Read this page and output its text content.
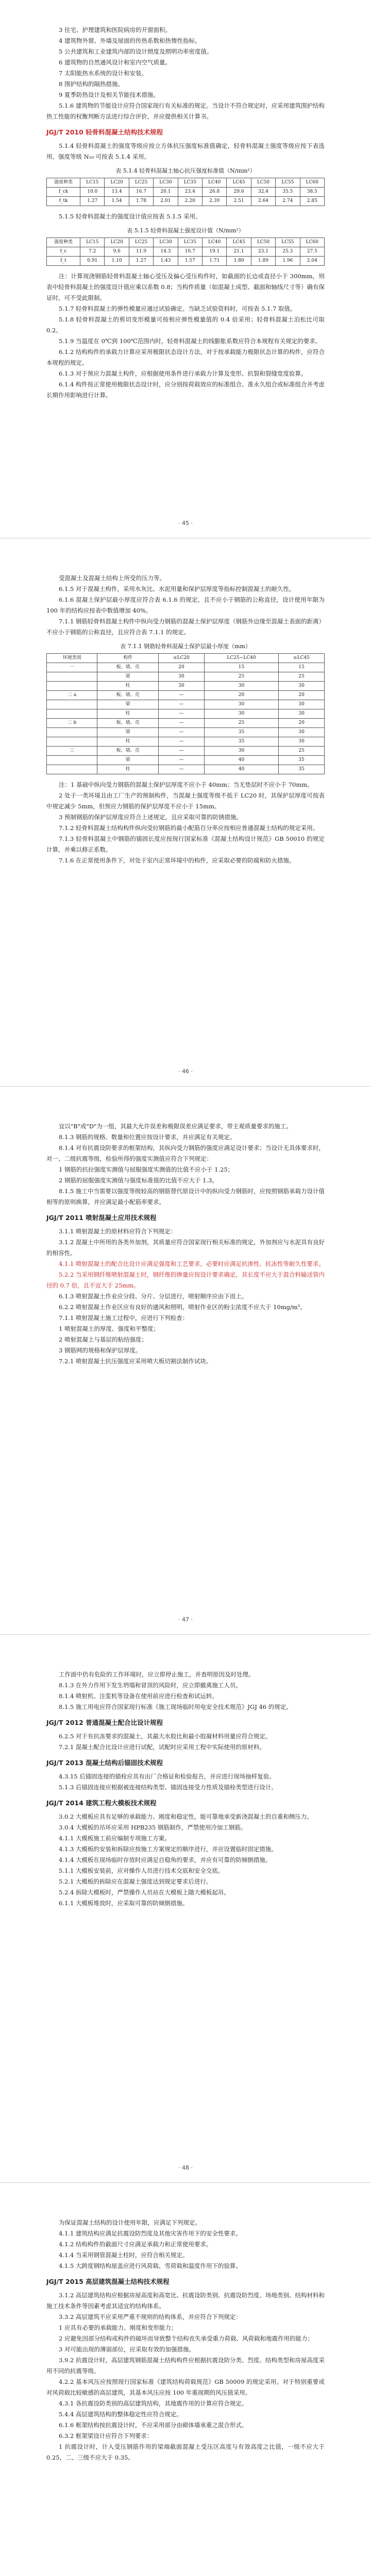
3 住宅、护理建筑和医院病房的开窗面积。

4 建筑物外窗、外墙及屋面的传热系数和热惰性指标。

5 公共建筑和工业建筑内部的设计照度及照明功率密度值。

6 建筑物的自然通风设计和室内空气质量。

7 太阳能热水系统的设计和安装。

8 围护结构的隔热措施。

9 夏季防热设计及相关节能技术措施。

5.1.6 建筑物的节能设计应符合国家现行有关标准的规定。当设计不符合规定时，应采用建筑围护结构热工性能的权衡判断方法进行综合评价，并应提供相关计算书。

JGJ/T 2010 轻骨料混凝土结构技术规程

5.1.4 轻骨料混凝土的强度等级应按立方体抗压强度标准值确定，轻骨料混凝土强度等级应按下表选用，强度等级 N₁₀ 可按表 5.1.4 采用。

表 5.1.4 轻骨料混凝土轴心抗压强度标准值（N/mm²）

强度种类	LC15	LC20	LC25	LC30	LC35	LC40	LC45	LC50	LC55	LC60
f_ck	10.0	13.4	16.7	20.1	23.4	26.8	29.6	32.4	35.5	38.5
f_tk	1.27	1.54	1.78	2.01	2.20	2.39	2.51	2.64	2.74	2.85

5.1.5 轻骨料混凝土的强度设计值应按表 5.1.5 采用。

表 5.1.5 轻骨料混凝土强度设计值（N/mm²）

强度种类	LC15	LC20	LC25	LC30	LC35	LC40	LC45	LC50	LC55	LC60
f_c	7.2	9.6	11.9	14.3	16.7	19.1	21.1	23.1	25.3	27.5
f_t	0.91	1.10	1.27	1.43	1.57	1.71	1.80	1.89	1.96	2.04

注：计算现浇钢筋轻骨料混凝土轴心受压及偏心受压构件时，如截面的长边或直径小于 300mm，则表中轻骨料混凝土的强度设计值应乘以系数 0.8；当构件质量（如混凝土成型、截面和轴线尺寸等）确有保证时，可不受此限制。

5.1.7 轻骨料混凝土的弹性模量应通过试验确定。当缺乏试验资料时，可按表 5.1.7 取值。

5.1.8 轻骨料混凝土的剪切变形模量可按相应弹性模量值的 0.4 倍采用；轻骨料混凝土泊松比可取 0.2。

5.1.9 当温度在 0℃到 100℃范围内时，轻骨料混凝土的线膨胀系数应符合本规程有关规定的要求。

6.1.2 结构构件的承载力计算应采用极限状态设计方法，对于按承载能力极限状态计算的构件，应符合本规程的规定。

6.1.3 对于预应力混凝土构件，应根据使用条件进行承载力计算及变形、抗裂和裂缝宽度验算。

6.1.4 构件按正常使用极限状态设计时，应分别按荷载效应的标准组合、准永久组合或标准组合并考虑长期作用影响进行计算。

· 45 ·

受混凝土及混凝土结构上所受的压力等。

6.1.5 对于混凝土构件，采用水灰比、水泥用量和保护层厚度等指标控制混凝土的耐久性。

6.1.6 混凝土保护层最小厚度应符合表 6.1.6 的规定，且不应小于钢筋的公称直径，设计使用年限为 100 年的结构应按表中数值增加 40%。

7.1.1 钢筋轻骨料混凝土构件中纵向受力钢筋的混凝土保护层厚度（钢筋外边缘至混凝土表面的距离）不应小于钢筋的公称直径，且应符合表 7.1.1 的规定。

表 7.1.1 钢筋轻骨料混凝土保护层最小厚度（mm）

环境类别	构件	≤LC20	LC25~LC40	≥LC45
一	板、墙、壳	20	15	15
	梁	30	25	25
	柱	30	30	30
二 a	板、墙、壳	—	20	20
	梁	—	30	30
	柱	—	30	30
二 b	板、墙、壳	—	25	20
	梁	—	35	30
	柱	—	35	30
三	板、墙、壳	—	30	25
	梁	—	40	35
	柱	—	40	35

注：1 基础中纵向受力钢筋的混凝土保护层厚度不应小于 40mm；当无垫层时不应小于 70mm。

2 处于一类环境且由工厂生产的预制构件，当混凝土强度等级不低于 LC20 时，其保护层厚度可按表中规定减少 5mm，但预应力钢筋的保护层厚度不应小于 15mm。

3 预制钢筋的保护层厚度应符合上述规定，且应采取可靠的防锈措施。

7.1.2 轻骨料混凝土结构构件纵向受拉钢筋的最小配筋百分率应按相应普通混凝土结构的规定采用。

7.1.3 轻骨料混凝土中钢筋的锚固长度应按现行国家标准《混凝土结构设计规范》GB 50010 的规定计算，并乘以修正系数。

7.1.6 在正常使用条件下，对处于室内正常环境中的构件，应采取必要的防腐和防火措施。

· 46 ·

宜以"B"或"D"为一组，其最大允许误差和极限误差应满足要求，带主观质量要求的施工。

8.1.3 钢筋的规格、数量和位置应按设计要求，并应满足有关规定。

8.1.4 对有抗震设防要求的框架结构，其纵向受力钢筋的强度应满足设计要求；当设计无具体要求时，对一、二级抗震等级，检验所得的强度实测值应符合下列规定：

1 钢筋的抗拉强度实测值与屈服强度实测值的比值不应小于 1.25；

2 钢筋的屈服强度实测值与强度标准值的比值不应大于 1.3。

8.1.5 施工中当需要以强度等级较高的钢筋替代原设计中的纵向受力钢筋时，应按照钢筋承载力设计值相等的原则换算，并应满足最小配筋率要求。

JGJ/T 2011 喷射混凝土应用技术规程

3.1.1 喷射混凝土的原材料应符合下列规定：

3.1.2 混凝土中所用的各类外加剂，其质量应符合国家现行相关标准的规定，外加剂应与水泥具有良好的相容性。

4.1.1 喷射混凝土的配合比设计应满足强度和工艺要求，必要时应满足抗渗性、抗冻性等耐久性要求。

5.2.2 当采用钢纤维喷射混凝土时，钢纤维的掺量应按设计要求确定，其长度不应大于混合料输送管内径的 0.7 倍，且不宜大于 25mm。

6.1.3 喷射混凝土作业应分段、分片、分层进行，喷射顺序应由下而上。

6.2.2 喷射混凝土作业区应有良好的通风和照明，喷射作业区的粉尘浓度不应大于 10mg/m³。

7.1.1 喷射混凝土施工过程中，应进行下列检查：

1 喷射混凝土的厚度、强度和平整度；

2 喷射混凝土与基层的粘结强度；

3 钢筋网的规格和保护层厚度。

7.2.1 喷射混凝土抗压强度应采用喷大板切割法制作试块。

· 47 ·

工作面中仍有危险的工作环境时，应立即停止施工，并查明原因及时处理。

8.1.3 在外力作用下发生坍塌和冒顶的风险时，应立即撤离施工人员。

8.1.4 喷射机、注浆机等设备在使用前应进行检查和试运转。

8.1.5 施工用电应符合国家现行标准《施工现场临时用电安全技术规范》JGJ 46 的规定。

JGJ/T 2012 普通混凝土配合比设计规程

6.2.5 对于有抗冻要求的混凝土，其最大水胶比和最小胶凝材料用量应符合规定。

7.2.1 混凝土配合比设计应进行试配，试配时应采用工程中实际使用的原材料。

JGJ/T 2013 混凝土结构后锚固技术规程

4.3.15 后锚固连接的锚栓应具有出厂合格证和检验报告，并应进行现场抽样复验。

5.1.3 后锚固连接应根据被连接结构类型、锚固连接受力性质及锚栓类型进行设计。

JGJ/T 2014 建筑工程大模板技术规程

3.0.2 大模板应具有足够的承载能力、刚度和稳定性，能可靠地承受新浇混凝土的自重和侧压力。

3.0.4 大模板的吊环应采用 HPB235 钢筋制作，严禁使用冷加工钢筋。

4.1.1 大模板施工前应编制专项施工方案。

4.1.3 大模板的安装和拆除应按施工方案规定的顺序进行，并应设置临时固定措施。

4.1.4 大模板在现场临时存放时应满足自稳角的要求，并应有可靠的防倾倒措施。

5.1.1 大模板安装前，应对操作人员进行技术交底和安全交底。

5.2.1 大模板的拆除应在混凝土强度达到规定要求后进行。

5.2.4 拆除大模板时，严禁操作人员站在大模板上随大模板起吊。

6.1.1 大模板堆放时，应采取可靠的防倾倒措施。

· 48 ·

为保证混凝土结构的设计使用年限，应满足下列规定。

4.1.1 建筑结构应满足抗震设防烈度及其他灾害作用下的安全性要求。

4.1.2 结构构件的截面尺寸应满足承载力和正常使用要求。

4.1.4 当采用钢管混凝土柱时，应符合相关规定。

4.1.5 大跨度钢结构屋盖应进行风荷载、雪荷载和温度作用下的验算。

JGJ/T 2015 高层建筑混凝土结构技术规程

3.1.2 高层建筑结构应根据房屋高度和高宽比、抗震设防类别、抗震设防烈度、场地类别、结构材料和施工技术条件等因素考虑其适宜的结构体系。

3.3.2 高层建筑不应采用严重不规则的结构体系，并应符合下列规定：

1 应具有必要的承载能力、刚度和变形能力；

2 应避免因部分结构或构件的破坏而导致整个结构丧失承受重力荷载、风荷载和地震作用的能力；

3 对可能出现的薄弱部位，应采取有效的加强措施。

3.9.2 抗震设计时，高层建筑钢筋混凝土结构构件应根据抗震设防分类、烈度、结构类型和房屋高度采用不同的抗震等级。

4.2.2 基本风压应按照现行国家标准《建筑结构荷载规范》GB 50009 的规定采用。对于特别重要或对风荷载比较敏感的高层建筑，其基本风压应按 100 年重现期的风压值采用。

4.3.1 各抗震设防类别的高层建筑结构，其地震作用的计算应符合规定。

5.4.4 高层建筑结构的整体稳定性应符合规定。

6.1.6 框架结构按抗震设计时，不应采用部分由砌体墙承重之混合形式。

6.3.2 框架梁设计应符合下列要求：

1 抗震设计时，计入受压钢筋作用的梁端截面混凝土受压区高度与有效高度之比值，一级不应大于 0.25，二、三级不应大于 0.35。
